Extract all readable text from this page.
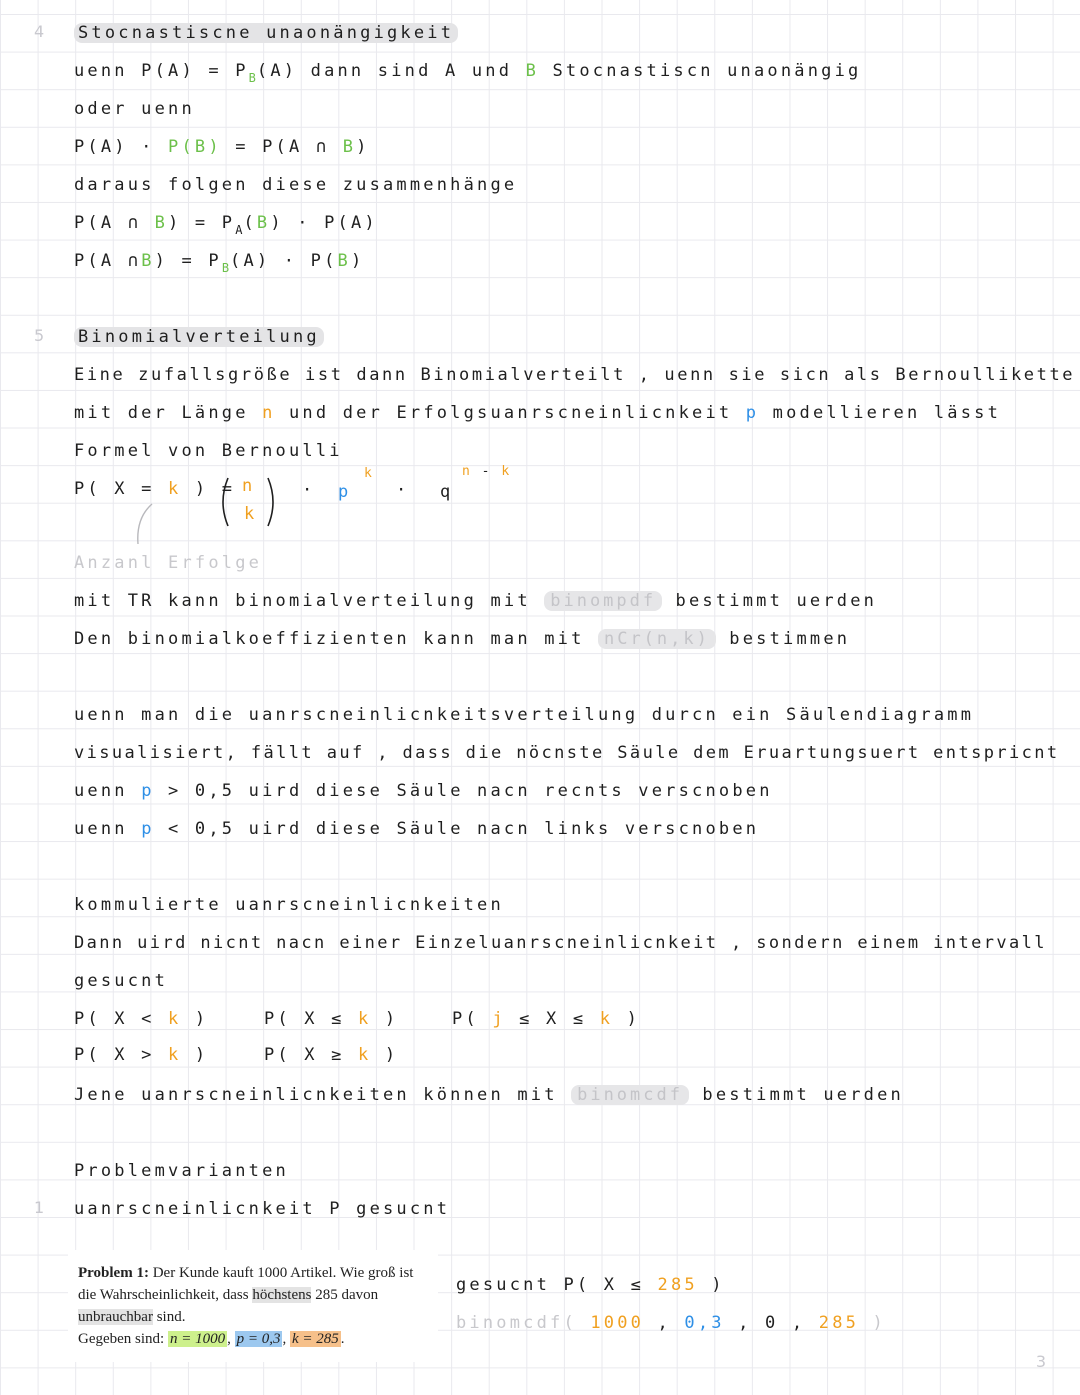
4 Stocnastiscne unaonängigkeit
uenn $P(A) = P_B(A)$ dann sind A und B Stocnastiscn unaonängig
oder uenn
P(A) · P(B) = P(A ∩ B)
daraus folgen diese zusammenhänge
P(A ∩ $B) = P_A(B) \cdot P(A)$
P(A ∩B) = $P_B(A) \cdot P(B)$
5 Binomialverteilung
Eine zufallsgröße ist dann Binomialverteilt , uenn sie sicn als Bernoullikette
mit der Länge n und der Erfolgsuanrscneinlicnkeit p modellieren lässt
Formel von Bernoulli
P( X = k ) = n
k
· p
k
· q
n - k
Anzanl Erfolge
mit TR kann binomialverteilung mit binompdf bestimmt uerden
Den binomialkoeffizienten kann man mit nCr(n,k) bestimmen
uenn man die uanrscneinlicnkeitsverteilung durcn ein Säulendiagramm
visualisiert, fällt auf , dass die nöcnste Säule dem Eruartungsuert entspricnt
uenn p > 0,5 uird diese Säule nacn recnts verscnoben
uenn p < 0,5 uird diese Säule nacn links verscnoben
kommulierte uanrscneinlicnkeiten
Dann uird nicnt nacn einer Einzeluanrscneinlicnkeit , sondern einem intervall
gesucnt
P( X < k )	P( X ≤ k )	P( j ≤ X ≤ k )
P( X > k )	P( X ≥ k )
Jene uanrscneinlicnkeiten können mit binomcdf bestimmt uerden
Problemvarianten
1 uanrscneinlicnkeit P gesucnt
Problem 1: Der Kunde kauft 1000 Artikel. Wie groß ist die Wahrscheinlichkeit, dass höchstens 285 davon unbrauchbar sind.
Gegeben sind: n = 1000 , p = 0,3 , k = 285 .
gesucnt P( X ≤ 285 )
binomcdf( 1000 , 0,3 , 0 , 285 )
3
